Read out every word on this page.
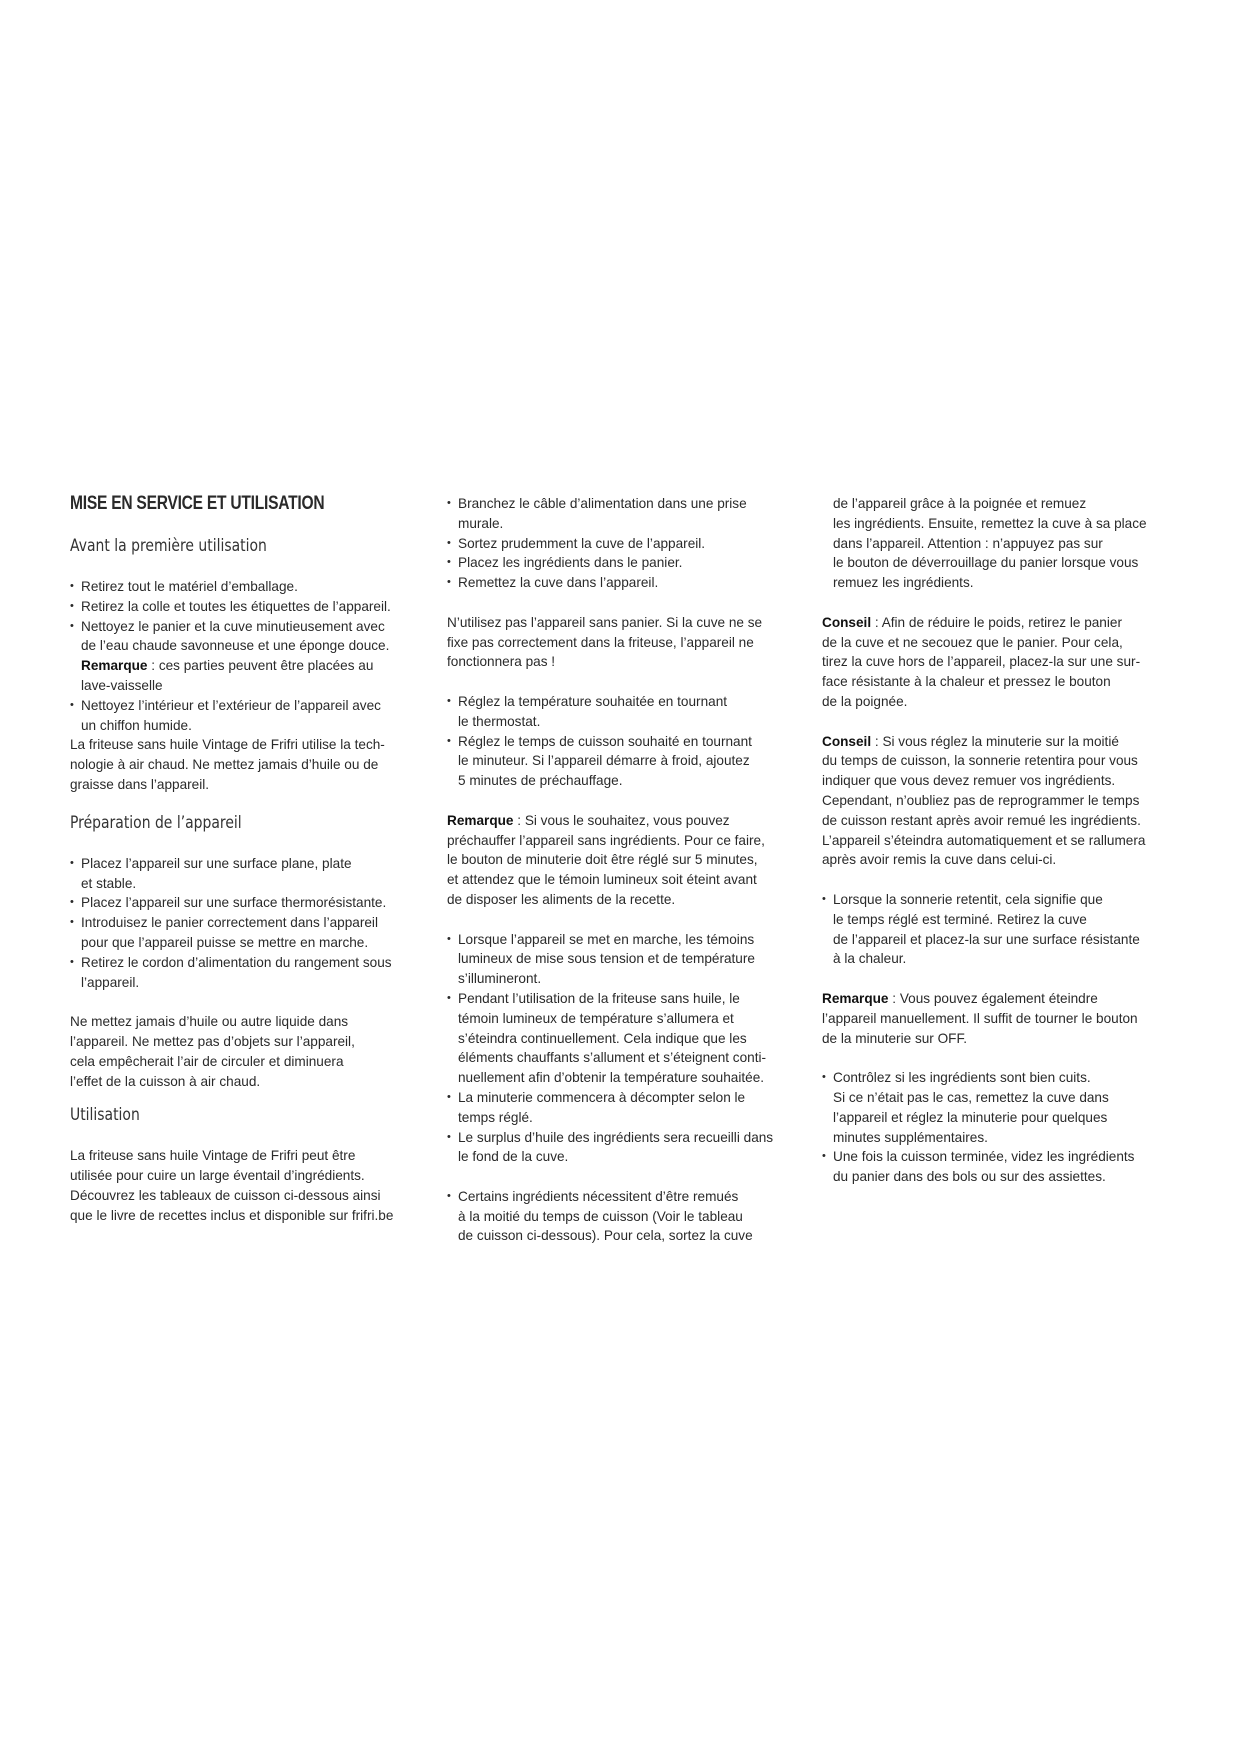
MISE EN SERVICE ET UTILISATION
Avant la première utilisation

• Retirez tout le matériel d’emballage.

• Retirez la colle et toutes les étiquettes de l’appareil.

• Nettoyez le panier et la cuve minutieusement avec

de l’eau chaude savonneuse et une éponge douce.

Remarque : ces parties peuvent être placées au

lave-vaisselle

• Nettoyez l’intérieur et l’extérieur de l’appareil avec

un chiffon humide.

La friteuse sans huile Vintage de Frifri utilise la tech-

nologie à air chaud. Ne mettez jamais d’huile ou de

graisse dans l’appareil.

Préparation de l’appareil

• Placez l’appareil sur une surface plane, plate

et stable.

• Placez l’appareil sur une surface thermorésistante.

• Introduisez le panier correctement dans l’appareil

pour que l’appareil puisse se mettre en marche.

• Retirez le cordon d’alimentation du rangement sous

l’appareil.

Ne mettez jamais d’huile ou autre liquide dans

l’appareil. Ne mettez pas d’objets sur l’appareil,

cela empêcherait l’air de circuler et diminuera

l’effet de la cuisson à air chaud.

Utilisation

La friteuse sans huile Vintage de Frifri peut être

utilisée pour cuire un large éventail d’ingrédients.

Découvrez les tableaux de cuisson ci-dessous ainsi

que le livre de recettes inclus et disponible sur frifri.be

• Branchez le câble d’alimentation dans une prise

murale.

• Sortez prudemment la cuve de l’appareil.

• Placez les ingrédients dans le panier.

• Remettez la cuve dans l’appareil.

N’utilisez pas l’appareil sans panier. Si la cuve ne se

fixe pas correctement dans la friteuse, l’appareil ne

fonctionnera pas !

• Réglez la température souhaitée en tournant

le thermostat.

• Réglez le temps de cuisson souhaité en tournant

le minuteur. Si l’appareil démarre à froid, ajoutez

5 minutes de préchauffage.

Remarque : Si vous le souhaitez, vous pouvez

préchauffer l’appareil sans ingrédients. Pour ce faire,

le bouton de minuterie doit être réglé sur 5 minutes,

et attendez que le témoin lumineux soit éteint avant

de disposer les aliments de la recette.

• Lorsque l’appareil se met en marche, les témoins

lumineux de mise sous tension et de température

s’illumineront.

• Pendant l’utilisation de la friteuse sans huile, le

témoin lumineux de température s’allumera et

s’éteindra continuellement. Cela indique que les

éléments chauffants s’allument et s’éteignent conti-

nuellement afin d’obtenir la température souhaitée.

• La minuterie commencera à décompter selon le

temps réglé.

• Le surplus d’huile des ingrédients sera recueilli dans

le fond de la cuve.

• Certains ingrédients nécessitent d’être remués

à la moitié du temps de cuisson (Voir le tableau

de cuisson ci-dessous). Pour cela, sortez la cuve

de l’appareil grâce à la poignée et remuez

les ingrédients. Ensuite, remettez la cuve à sa place

dans l’appareil. Attention : n’appuyez pas sur

le bouton de déverrouillage du panier lorsque vous

remuez les ingrédients.

Conseil : Afin de réduire le poids, retirez le panier

de la cuve et ne secouez que le panier. Pour cela,

tirez la cuve hors de l’appareil, placez-la sur une sur-

face résistante à la chaleur et pressez le bouton

de la poignée.

Conseil : Si vous réglez la minuterie sur la moitié

du temps de cuisson, la sonnerie retentira pour vous

indiquer que vous devez remuer vos ingrédients.

Cependant, n’oubliez pas de reprogrammer le temps

de cuisson restant après avoir remué les ingrédients.

L’appareil s’éteindra automatiquement et se rallumera

après avoir remis la cuve dans celui-ci.

• Lorsque la sonnerie retentit, cela signifie que

le temps réglé est terminé. Retirez la cuve

de l’appareil et placez-la sur une surface résistante

à la chaleur.

Remarque : Vous pouvez également éteindre

l’appareil manuellement. Il suffit de tourner le bouton

de la minuterie sur OFF.

• Contrôlez si les ingrédients sont bien cuits.

Si ce n’était pas le cas, remettez la cuve dans

l’appareil et réglez la minuterie pour quelques

minutes supplémentaires.

• Une fois la cuisson terminée, videz les ingrédients

du panier dans des bols ou sur des assiettes.
